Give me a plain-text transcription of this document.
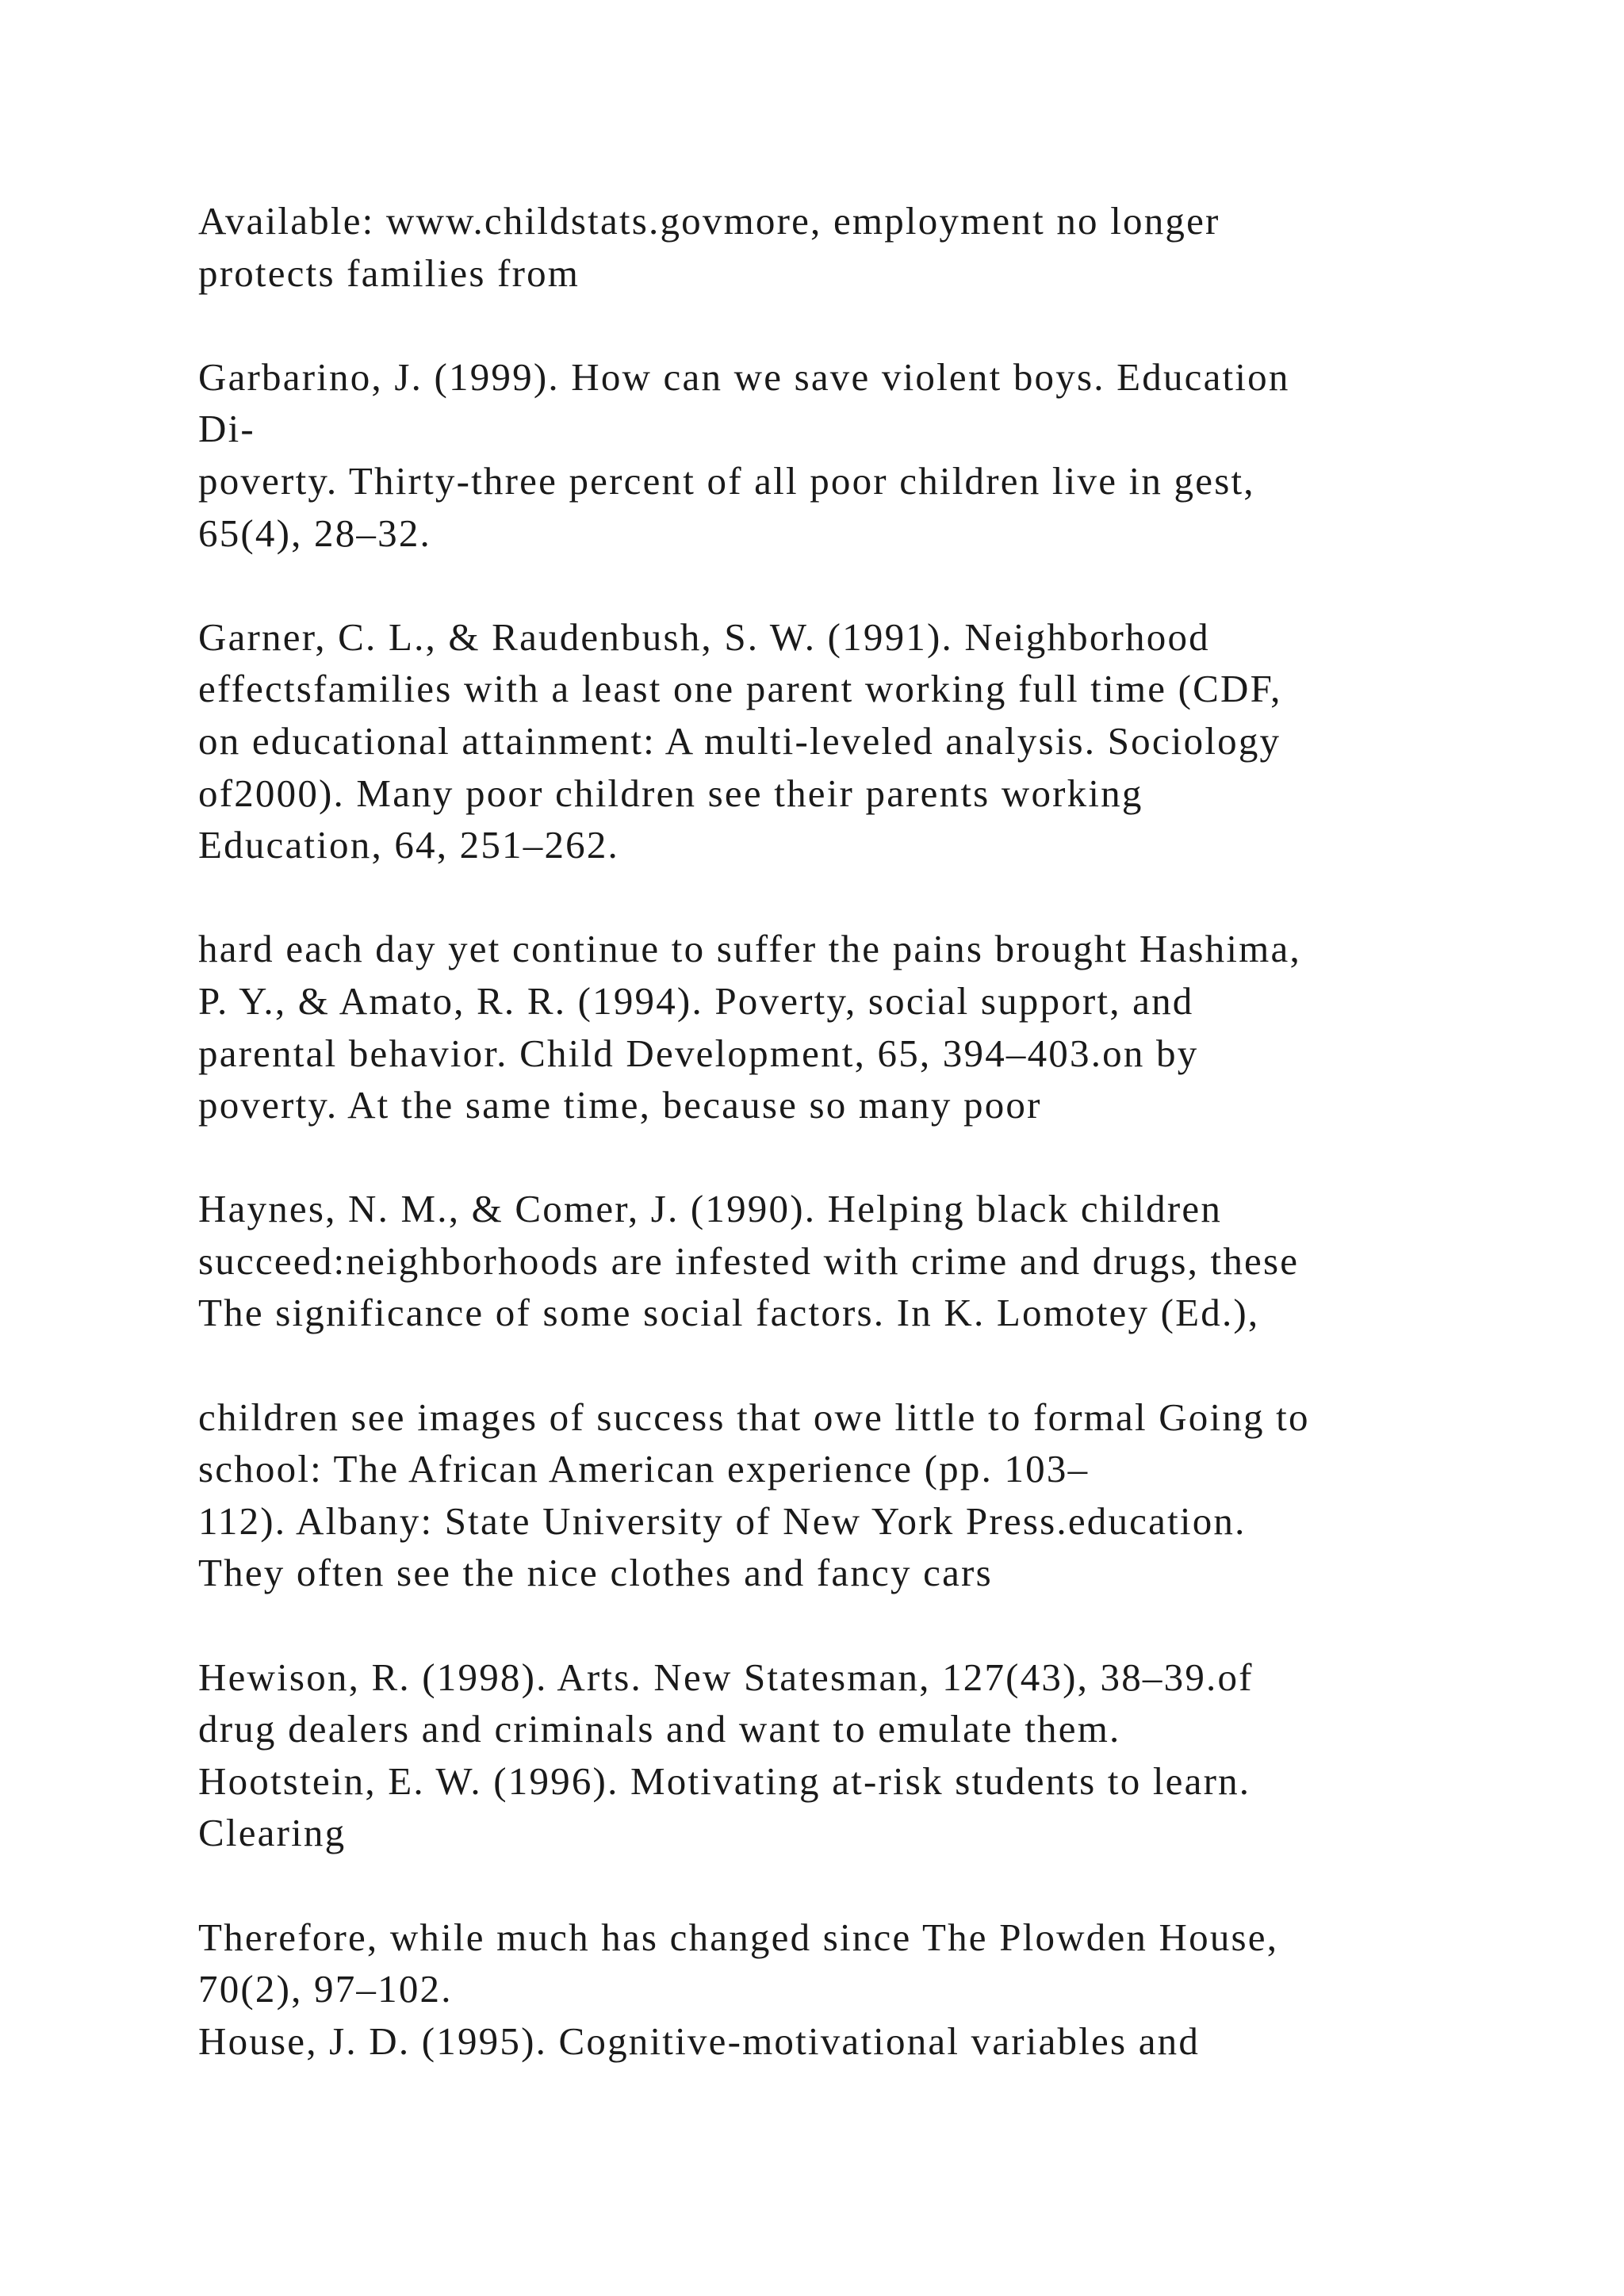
Available: www.childstats.govmore, employment no longer
protects families from

Garbarino, J. (1999). How can we save violent boys. Education
Di-
poverty. Thirty-three percent of all poor children live in gest,
65(4), 28–32.

Garner, C. L., & Raudenbush, S. W. (1991). Neighborhood
effectsfamilies with a least one parent working full time (CDF,
on educational attainment: A multi-leveled analysis. Sociology
of2000). Many poor children see their parents working
Education, 64, 251–262.

hard each day yet continue to suffer the pains brought Hashima,
P. Y., & Amato, R. R. (1994). Poverty, social support, and
parental behavior. Child Development, 65, 394–403.on by
poverty. At the same time, because so many poor

Haynes, N. M., & Comer, J. (1990). Helping black children
succeed:neighborhoods are infested with crime and drugs, these
The significance of some social factors. In K. Lomotey (Ed.),

children see images of success that owe little to formal Going to
school: The African American experience (pp. 103–
112). Albany: State University of New York Press.education.
They often see the nice clothes and fancy cars

Hewison, R. (1998). Arts. New Statesman, 127(43), 38–39.of
drug dealers and criminals and want to emulate them.
Hootstein, E. W. (1996). Motivating at-risk students to learn.
Clearing

Therefore, while much has changed since The Plowden House,
70(2), 97–102.
House, J. D. (1995). Cognitive-motivational variables and
